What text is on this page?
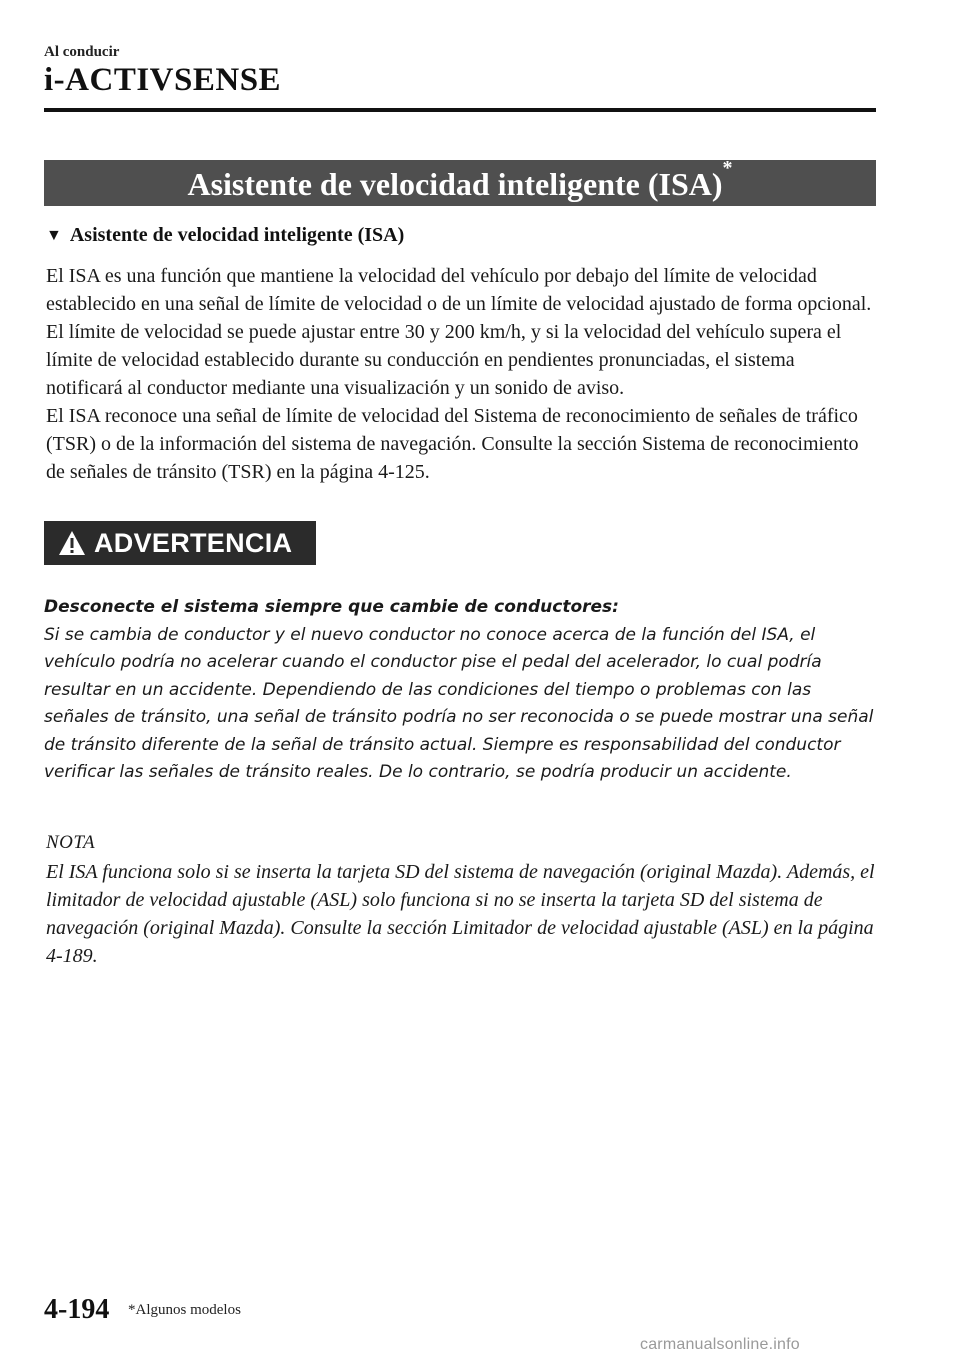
Al conducir
i-ACTIVSENSE
Asistente de velocidad inteligente (ISA)*
▼ Asistente de velocidad inteligente (ISA)

El ISA es una función que mantiene la velocidad del vehículo por debajo del límite de velocidad establecido en una señal de límite de velocidad o de un límite de velocidad ajustado de forma opcional. El límite de velocidad se puede ajustar entre 30 y 200 km/h, y si la velocidad del vehículo supera el límite de velocidad establecido durante su conducción en pendientes pronunciadas, el sistema notificará al conductor mediante una visualización y un sonido de aviso.

El ISA reconoce una señal de límite de velocidad del Sistema de reconocimiento de señales de tráfico (TSR) o de la información del sistema de navegación. Consulte la sección Sistema de reconocimiento de señales de tránsito (TSR) en la página 4-125.

ADVERTENCIA
Desconecte el sistema siempre que cambie de conductores:
Si se cambia de conductor y el nuevo conductor no conoce acerca de la función del ISA, el vehículo podría no acelerar cuando el conductor pise el pedal del acelerador, lo cual podría resultar en un accidente. Dependiendo de las condiciones del tiempo o problemas con las señales de tránsito, una señal de tránsito podría no ser reconocida o se puede mostrar una señal de tránsito diferente de la señal de tránsito actual. Siempre es responsabilidad del conductor verificar las señales de tránsito reales. De lo contrario, se podría producir un accidente.
NOTA
El ISA funciona solo si se inserta la tarjeta SD del sistema de navegación (original Mazda). Además, el limitador de velocidad ajustable (ASL) solo funciona si no se inserta la tarjeta SD del sistema de navegación (original Mazda). Consulte la sección Limitador de velocidad ajustable (ASL) en la página 4-189.
4-194 *Algunos modelos
carmanualsonline.info
